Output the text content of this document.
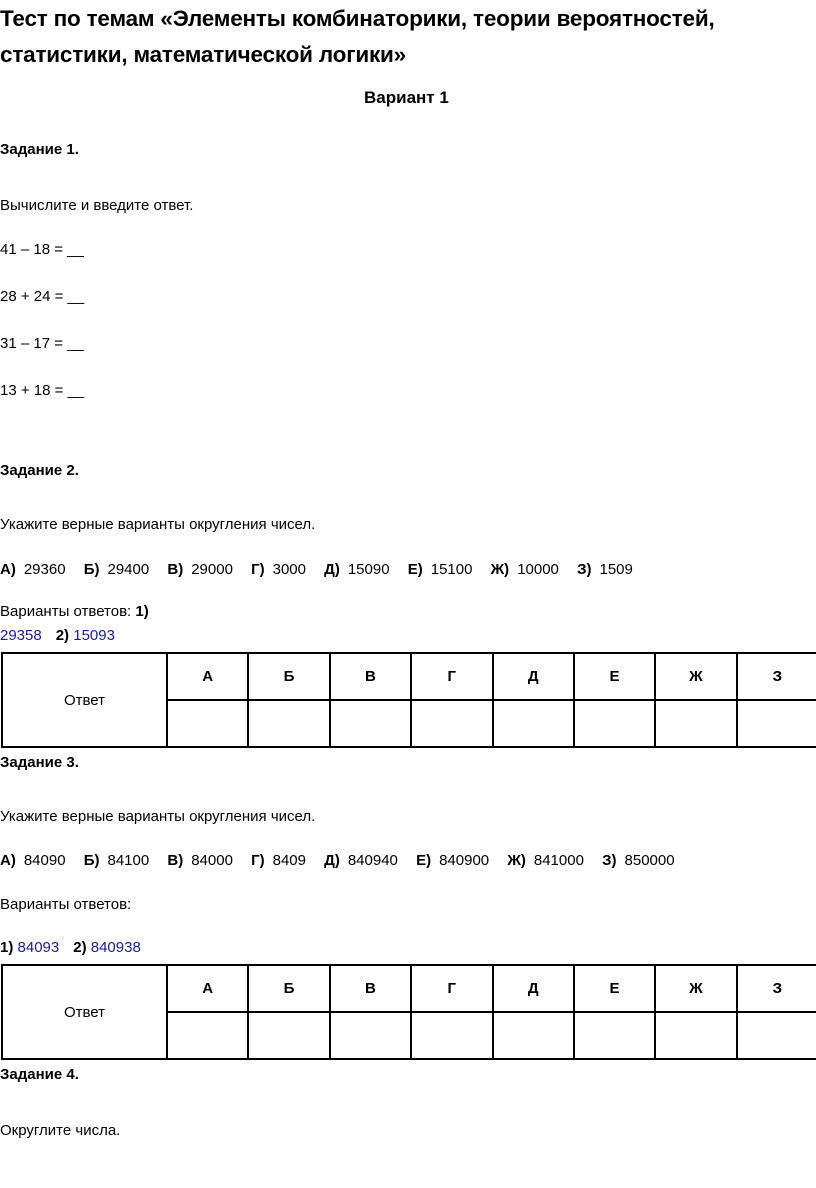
Тест по темам «Элементы комбинаторики, теории вероятностей,
статистики, математической логики»
Вариант 1
Задание 1.
Вычислите и введите ответ.
41 – 18 = __
28 + 24 = __
31 – 17 = __
13 + 18 = __
Задание 2.
Укажите верные варианты округления чисел.
А) 29360 Б) 29400 В) 29000 Г) 3000 Д) 15090 Е) 15100 Ж) 10000 З) 1509
Варианты ответов: 1)
29358 2) 15093
Ответ	А	Б	В	Г	Д	Е	Ж	З

Задание 3.
Укажите верные варианты округления чисел.
А) 84090 Б) 84100 В) 84000 Г) 8409 Д) 840940 Е) 840900 Ж) 841000 З) 850000
Варианты ответов:
1) 84093 2) 840938
Ответ	А	Б	В	Г	Д	Е	Ж	З

Задание 4.
Округлите числа.
